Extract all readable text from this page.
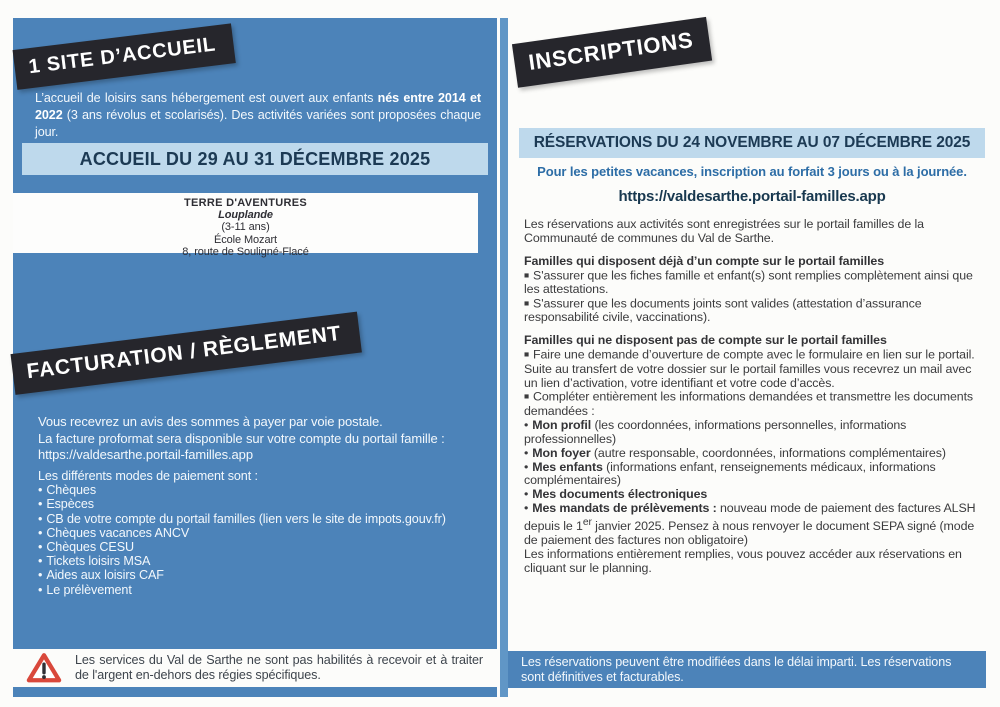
1 SITE D’ACCUEIL

L’accueil de loisirs sans hébergement est ouvert aux enfants nés entre 2014 et 2022 (3 ans révolus et scolarisés). Des activités variées sont proposées chaque jour.

ACCUEIL DU 29 AU 31 DÉCEMBRE 2025
TERRE D'AVENTURES
Louplande
(3-11 ans)
École Mozart
8, route de Souligné-Flacé
FACTURATION / RÈGLEMENT
Vous recevrez un avis des sommes à payer par voie postale.
La facture proformat sera disponible sur votre compte du portail famille :
https://valdesarthe.portail-familles.app
Les différents modes de paiement sont :
• Chèques
• Espèces
• CB de votre compte du portail familles (lien vers le site de impots.gouv.fr)
• Chèques vacances ANCV
• Chèques CESU
• Tickets loisirs MSA
• Aides aux loisirs CAF
• Le prélèvement
Les services du Val de Sarthe ne sont pas habilités à recevoir et à traiter de l'argent en-dehors des régies spécifiques.
INSCRIPTIONS
RÉSERVATIONS DU 24 NOVEMBRE AU 07 DÉCEMBRE 2025
Pour les petites vacances, inscription au forfait 3 jours ou à la journée.
https://valdesarthe.portail-familles.app
Les réservations aux activités sont enregistrées sur le portail familles de la Communauté de communes du Val de Sarthe.
Familles qui disposent déjà d’un compte sur le portail familles
■ S'assurer que les fiches famille et enfant(s) sont remplies complètement ainsi que les attestations.
■ S'assurer que les documents joints sont valides (attestation d’assurance responsabilité civile, vaccinations).
Familles qui ne disposent pas de compte sur le portail familles
■ Faire une demande d’ouverture de compte avec le formulaire en lien sur le portail. Suite au transfert de votre dossier sur le portail familles vous recevrez un mail avec un lien d’activation, votre identifiant et votre code d’accès.
■ Compléter entièrement les informations demandées et transmettre les documents demandées :
• Mon profil (les coordonnées, informations personnelles, informations professionnelles)
• Mon foyer (autre responsable, coordonnées, informations complémentaires)
• Mes enfants (informations enfant, renseignements médicaux, informations complémentaires)
• Mes documents électroniques
• Mes mandats de prélèvements : nouveau mode de paiement des factures ALSH depuis le 1er janvier 2025. Pensez à nous renvoyer le document SEPA signé (mode de paiement des factures non obligatoire)
Les informations entièrement remplies, vous pouvez accéder aux réservations en cliquant sur le planning.
Les réservations peuvent être modifiées dans le délai imparti. Les réservations sont définitives et facturables.
